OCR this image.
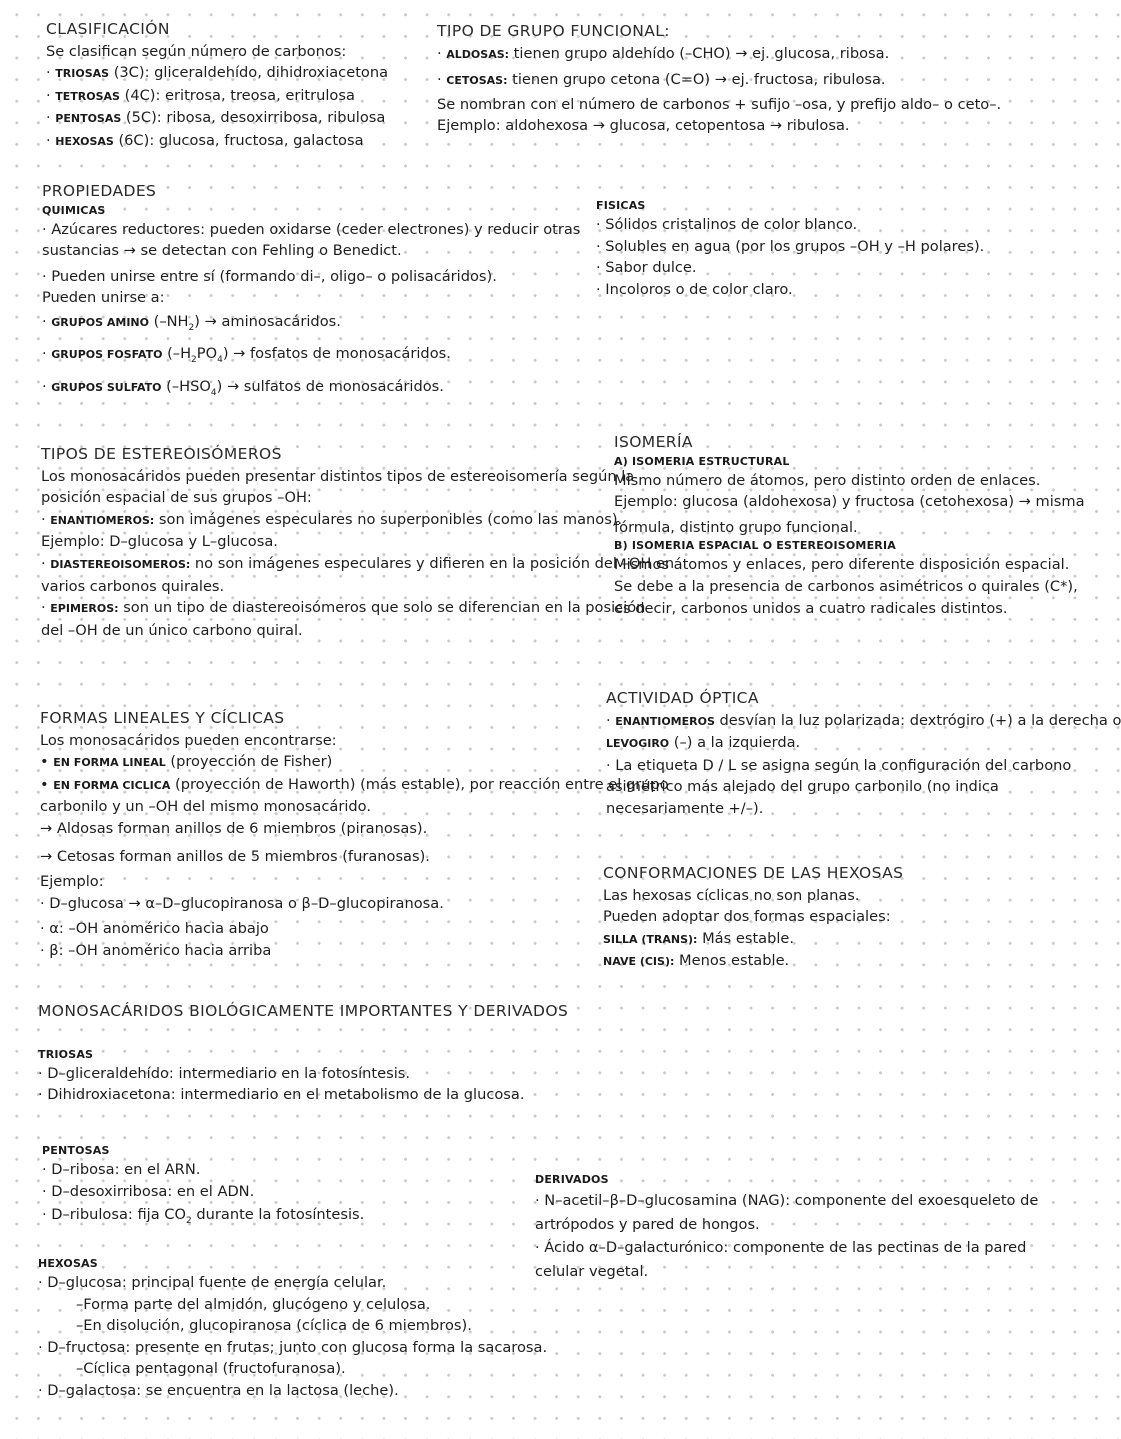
CLASIFICACIÓN
Se clasifican según número de carbonos:
· TRIOSAS (3C): gliceraldehído, dihidroxiacetona
· TETROSAS (4C): eritrosa, treosa, eritrulosa
· PENTOSAS (5C): ribosa, desoxirribosa, ribulosa
· HEXOSAS (6C): glucosa, fructosa, galactosa
TIPO DE GRUPO FUNCIONAL:
· ALDOSAS: tienen grupo aldehído (–CHO) → ej. glucosa, ribosa.
· CETOSAS: tienen grupo cetona (C=O) → ej. fructosa, ribulosa.
Se nombran con el número de carbonos + sufijo –osa, y prefijo aldo– o ceto–.
Ejemplo: aldohexosa → glucosa, cetopentosa → ribulosa.
PROPIEDADES
QUIMICAS
· Azúcares reductores: pueden oxidarse (ceder electrones) y reducir otras
sustancias → se detectan con Fehling o Benedict.
· Pueden unirse entre sí (formando di–, oligo– o polisacáridos).
Pueden unirse a:
· GRUPOS AMINO $(-NH_2)$ → aminosacáridos.
· GRUPOS FOSFATO $(-H_2PO_4)$ → fosfatos de monosacáridos.
· GRUPOS SULFATO $(-HSO_4)$ → sulfatos de monosacáridos.
FISICAS
· Sólidos cristalinos de color blanco.
· Solubles en agua (por los grupos –OH y –H polares).
· Sabor dulce.
· Incoloros o de color claro.
TIPOS DE ESTEREOISÓMEROS
Los monosacáridos pueden presentar distintos tipos de estereoisomería según la
posición espacial de sus grupos –OH:
· ENANTIOMEROS: son imágenes especulares no superponibles (como las manos).
Ejemplo: D–glucosa y L–glucosa.
· DIASTEREOISOMEROS: no son imágenes especulares y difieren en la posición del –OH en
varios carbonos quirales.
· EPIMEROS: son un tipo de diastereoisómeros que solo se diferencian en la posición
del –OH de un único carbono quiral.
ISOMERÍA
A) ISOMERIA ESTRUCTURAL
Mismo número de átomos, pero distinto orden de enlaces.
Ejemplo: glucosa (aldohexosa) y fructosa (cetohexosa) → misma
fórmula, distinto grupo funcional.
B) ISOMERIA ESPACIAL O ESTEREOISOMERIA
Mismos átomos y enlaces, pero diferente disposición espacial.
Se debe a la presencia de carbonos asimétricos o quirales (C*),
es decir, carbonos unidos a cuatro radicales distintos.
FORMAS LINEALES Y CÍCLICAS
Los monosacáridos pueden encontrarse:
• EN FORMA LINEAL (proyección de Fisher)
• EN FORMA CICLICA (proyección de Haworth) (más estable), por reacción entre el grupo
carbonilo y un –OH del mismo monosacárido.
→ Aldosas forman anillos de 6 miembros (piranosas).
→ Cetosas forman anillos de 5 miembros (furanosas).
Ejemplo:
· D–glucosa → α–D–glucopiranosa o β–D–glucopiranosa.
· α: –OH anomérico hacia abajo
· β: –OH anomérico hacia arriba
ACTIVIDAD ÓPTICA
· ENANTIOMEROS desvían la luz polarizada: dextrógiro (+) a la derecha o
LEVOGIRO (–) a la izquierda.
· La etiqueta D / L se asigna según la configuración del carbono
asimétrico más alejado del grupo carbonilo (no indica
necesariamente +/–).
CONFORMACIONES DE LAS HEXOSAS
Las hexosas cíclicas no son planas.
Pueden adoptar dos formas espaciales:
SILLA (TRANS): Más estable.
NAVE (CIS): Menos estable.
MONOSACÁRIDOS BIOLÓGICAMENTE IMPORTANTES Y DERIVADOS
TRIOSAS
· D–gliceraldehído: intermediario en la fotosíntesis.
· Dihidroxiacetona: intermediario en el metabolismo de la glucosa.
PENTOSAS
· D–ribosa: en el ARN.
· D–desoxirribosa: en el ADN.
· D–ribulosa: fija $CO_2$ durante la fotosíntesis.
HEXOSAS
· D–glucosa: principal fuente de energía celular.
–Forma parte del almidón, glucógeno y celulosa.
–En disolución, glucopiranosa (cíclica de 6 miembros).
· D–fructosa: presente en frutas; junto con glucosa forma la sacarosa.
–Cíclica pentagonal (fructofuranosa).
· D–galactosa: se encuentra en la lactosa (leche).
DERIVADOS
· N–acetil–β–D–glucosamina (NAG): componente del exoesqueleto de
artrópodos y pared de hongos.
· Ácido α–D–galacturónico: componente de las pectinas de la pared
celular vegetal.
